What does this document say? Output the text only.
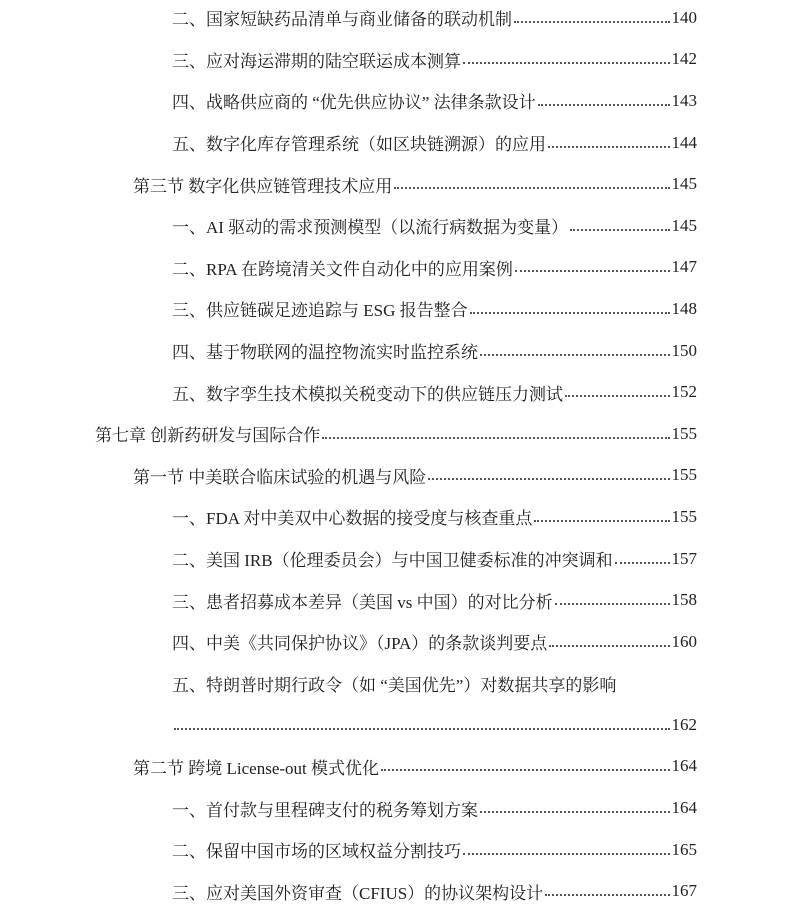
二、国家短缺药品清单与商业储备的联动机制	140
三、应对海运滞期的陆空联运成本测算	142
四、战略供应商的 “优先供应协议” 法律条款设计	143
五、数字化库存管理系统（如区块链溯源）的应用	144
第三节 数字化供应链管理技术应用	145
一、AI 驱动的需求预测模型（以流行病数据为变量）	145
二、RPA 在跨境清关文件自动化中的应用案例	147
三、供应链碳足迹追踪与 ESG 报告整合	148
四、基于物联网的温控物流实时监控系统	150
五、数字孪生技术模拟关税变动下的供应链压力测试	152
第七章 创新药研发与国际合作	155
第一节 中美联合临床试验的机遇与风险	155
一、FDA 对中美双中心数据的接受度与核查重点	155
二、美国 IRB（伦理委员会）与中国卫健委标准的冲突调和	157
三、患者招募成本差异（美国 vs 中国）的对比分析	158
四、中美《共同保护协议》（JPA）的条款谈判要点	160
五、特朗普时期行政令（如 “美国优先”）对数据共享的影响
162
第二节 跨境 License-out 模式优化	164
一、首付款与里程碑支付的税务筹划方案	164
二、保留中国市场的区域权益分割技巧	165
三、应对美国外资审查（CFIUS）的协议架构设计	167
